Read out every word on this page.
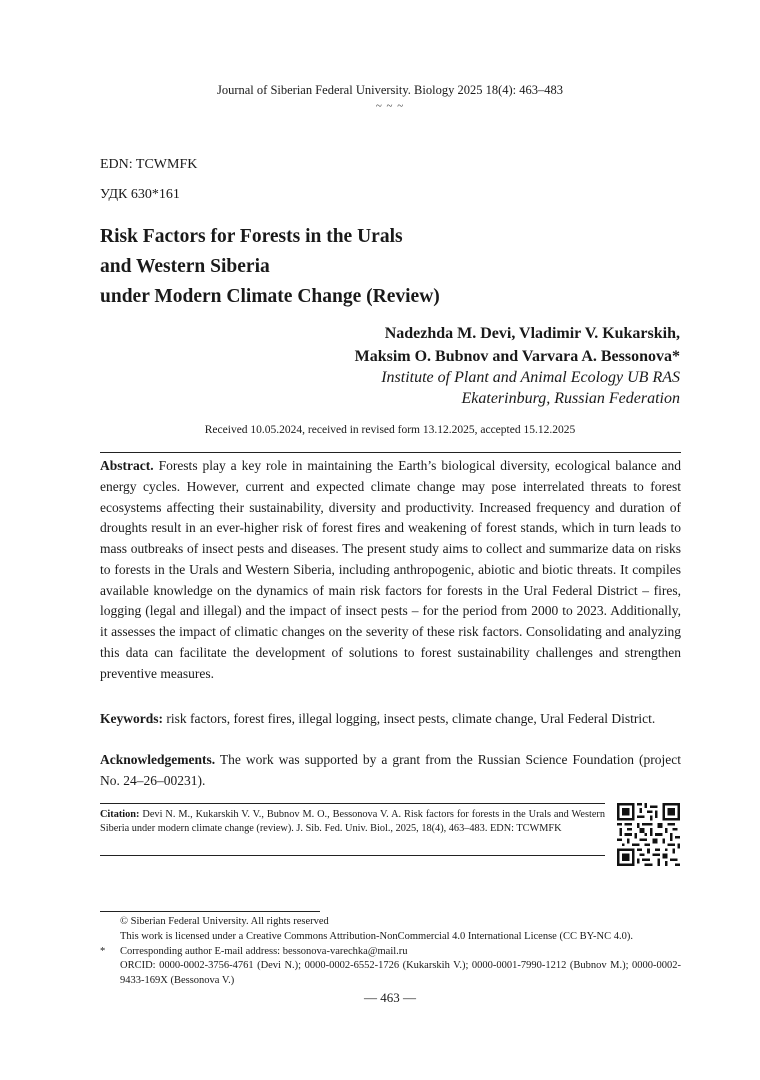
Journal of Siberian Federal University. Biology 2025 18(4): 463–483
~ ~ ~
EDN: TCWMFK
УДК 630*161
Risk Factors for Forests in the Urals
and Western Siberia
under Modern Climate Change (Review)
Nadezhda M. Devi, Vladimir V. Kukarskih,
Maksim O. Bubnov and Varvara A. Bessonova*
Institute of Plant and Animal Ecology UB RAS
Ekaterinburg, Russian Federation
Received 10.05.2024, received in revised form 13.12.2025, accepted 15.12.2025
Abstract. Forests play a key role in maintaining the Earth’s biological diversity, ecological balance and energy cycles. However, current and expected climate change may pose interrelated threats to forest ecosystems affecting their sustainability, diversity and productivity. Increased frequency and duration of droughts result in an ever-higher risk of forest fires and weakening of forest stands, which in turn leads to mass outbreaks of insect pests and diseases. The present study aims to collect and summarize data on risks to forests in the Urals and Western Siberia, including anthropogenic, abiotic and biotic threats. It compiles available knowledge on the dynamics of main risk factors for forests in the Ural Federal District – fires, logging (legal and illegal) and the impact of insect pests – for the period from 2000 to 2023. Additionally, it assesses the impact of climatic changes on the severity of these risk factors. Consolidating and analyzing this data can facilitate the development of solutions to forest sustainability challenges and strengthen preventive measures.
Keywords: risk factors, forest fires, illegal logging, insect pests, climate change, Ural Federal District.
Acknowledgements. The work was supported by a grant from the Russian Science Foundation (project No. 24–26–00231).
Citation: Devi N. M., Kukarskih V. V., Bubnov M. O., Bessonova V. A. Risk factors for forests in the Urals and Western Siberia under modern climate change (review). J. Sib. Fed. Univ. Biol., 2025, 18(4), 463–483. EDN: TCWMFK
© Siberian Federal University. All rights reserved
This work is licensed under a Creative Commons Attribution-NonCommercial 4.0 International License (CC BY-NC 4.0).
*	Corresponding author E-mail address: bessonova-varechka@mail.ru
ORCID: 0000-0002-3756-4761 (Devi N.); 0000-0002-6552-1726 (Kukarskih V.); 0000-0001-7990-1212 (Bubnov M.); 0000-0002-9433-169X (Bessonova V.)
— 463 —
